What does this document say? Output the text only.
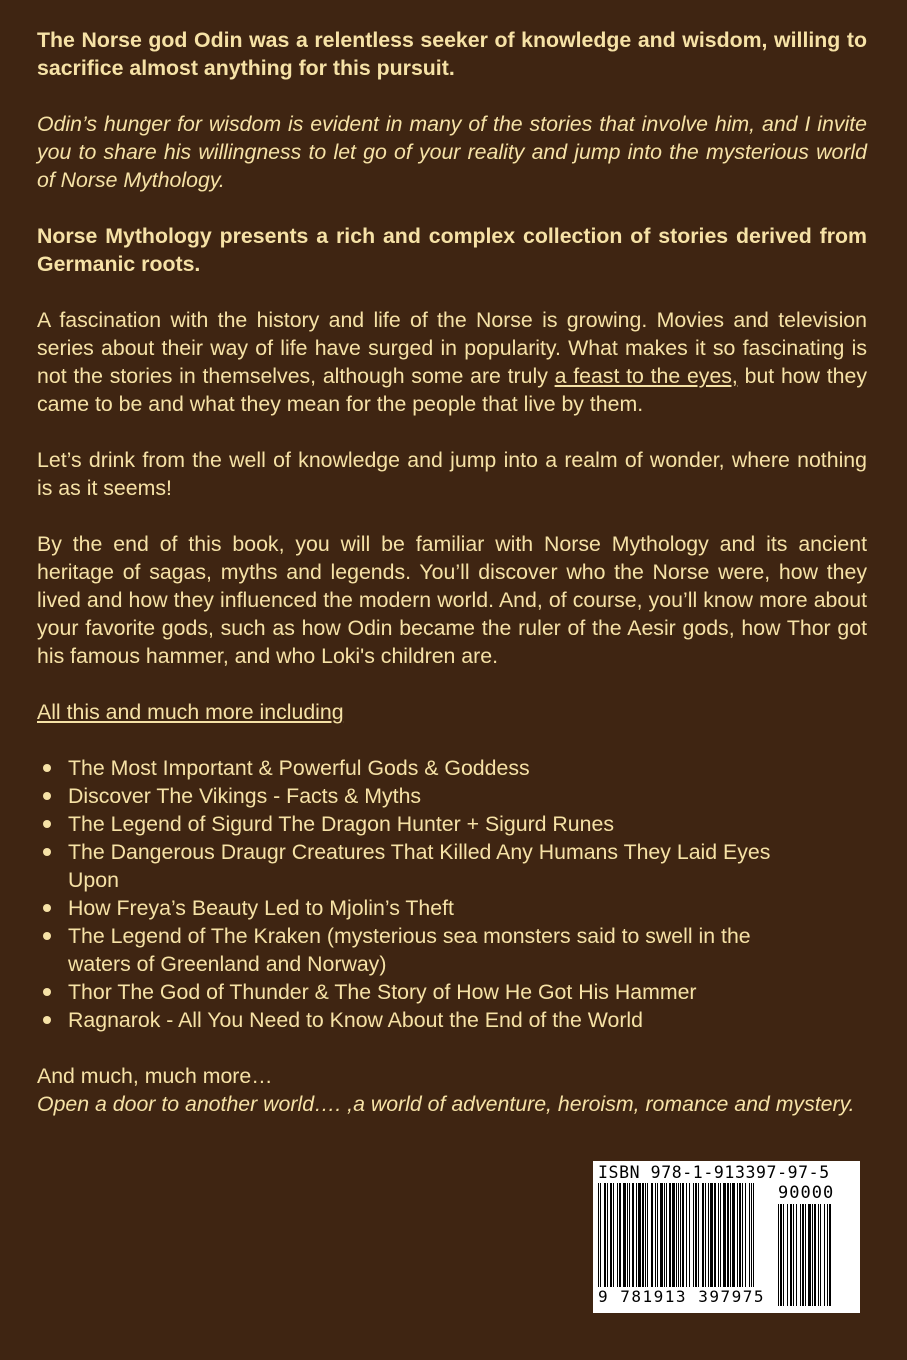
The Norse god Odin was a relentless seeker of knowledge and wisdom, willing to sacrifice almost anything for this pursuit.

Odin’s hunger for wisdom is evident in many of the stories that involve him, and I invite you to share his willingness to let go of your reality and jump into the mysterious world of Norse Mythology.

Norse Mythology presents a rich and complex collection of stories derived from Germanic roots.

A fascination with the history and life of the Norse is growing. Movies and television series about their way of life have surged in popularity. What makes it so fascinating is not the stories in themselves, although some are truly a feast to the eyes, but how they came to be and what they mean for the people that live by them.

Let’s drink from the well of knowledge and jump into a realm of wonder, where nothing is as it seems!

By the end of this book, you will be familiar with Norse Mythology and its ancient heritage of sagas, myths and legends. You’ll discover who the Norse were, how they lived and how they influenced the modern world. And, of course, you’ll know more about your favorite gods, such as how Odin became the ruler of the Aesir gods, how Thor got his famous hammer, and who Loki's children are.

All this and much more including

The Most Important & Powerful Gods & Goddess
Discover The Vikings - Facts & Myths
The Legend of Sigurd The Dragon Hunter + Sigurd Runes
The Dangerous Draugr Creatures That Killed Any Humans They Laid Eyes Upon
How Freya’s Beauty Led to Mjolin’s Theft
The Legend of The Kraken (mysterious sea monsters said to swell in the waters of Greenland and Norway)
Thor The God of Thunder & The Story of How He Got His Hammer
Ragnarok - All You Need to Know About the End of the World

And much, much more…

Open a door to another world…. ,a world of adventure, heroism, romance and mystery.

ISBN 978-1-913397-97-5
90000
9 781913 397975
